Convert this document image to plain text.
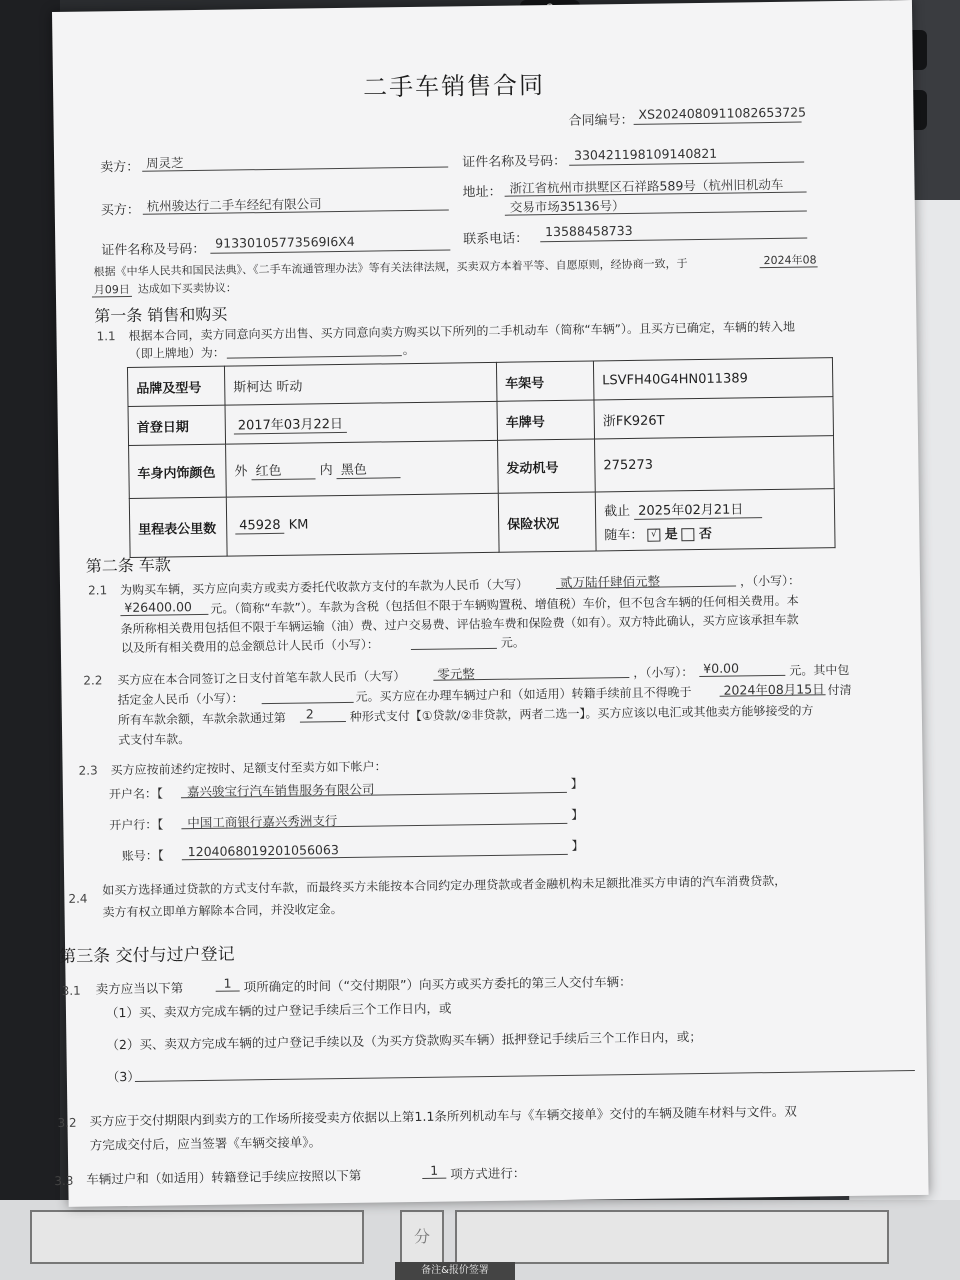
分
备注&报价签署
二手车销售合同
合同编号： XS2024080911082653725
卖方： 周灵芝	证件名称及号码： 330421198109140821
买方： 杭州骏达行二手车经纪有限公司
地址： 浙江省杭州市拱墅区石祥路589号（杭州旧机动车
交易市场35136号）
证件名称及号码： 91330105773569I6X4	联系电话：
13588458733
根据《中华人民共和国民法典》、《二手车流通管理办法》等有关法律法规，买卖双方本着平等、自愿原则，经协商一致，于	2024年08
月09日 达成如下买卖协议：
第一条 销售和购买
1.1 根据本合同，卖方同意向买方出售、买方同意向卖方购买以下所列的二手机动车（简称“车辆”）。且买方已确定，车辆的转入地
（即上牌地）为：	。
品牌及型号	斯柯达 昕动	车架号	LSVFH40G4HN011389
首登日期	2017年03月22日	车牌号	浙FK926T
车身内饰颜色	外 红色 内 黑色	发动机号	275273
里程表公里数	45928 KM	保险状况	截止 2025年02月21日
随车： √ 是 否
第二条 车款
2.1 为购买车辆，买方应向卖方或卖方委托代收款方支付的车款为人民币（大写）	贰万陆仟肆佰元整	，（小写）：
¥26400.00 元。（简称“车款”）。车款为含税（包括但不限于车辆购置税、增值税）车价，但不包含车辆的任何相关费用。本
条所称相关费用包括但不限于车辆运输（油）费、过户交易费、评估验车费和保险费（如有）。双方特此确认，买方应该承担车款
以及所有相关费用的总金额总计人民币（小写）：	元。
2.2 买方应在本合同签订之日支付首笔车款人民币（大写）	零元整	，（小写）： ¥0.00	元。其中包
括定金人民币（小写）：	元。买方应在办理车辆过户和（如适用）转籍手续前且不得晚于	2024年08月15日 付清
所有车款余额，车款余款通过第 2	种形式支付【①贷款/②非贷款，两者二选一】。买方应该以电汇或其他卖方能够接受的方
式支付车款。
2.3 买方应按前述约定按时、足额支付至卖方如下帐户：
开户名：【 嘉兴骏宝行汽车销售服务有限公司	】
开户行：【 中国工商银行嘉兴秀洲支行	】
账号：【 1204068019201056063	】
2.4
如买方选择通过贷款的方式支付车款，而最终买方未能按本合同约定办理贷款或者金融机构未足额批准买方申请的汽车消费贷款，
卖方有权立即单方解除本合同，并没收定金。
第三条 交付与过户登记
3.1 卖方应当以下第	1 项所确定的时间（“交付期限”）向买方或买方委托的第三人交付车辆：
（1）买、卖双方完成车辆的过户登记手续后三个工作日内，或
（2）买、卖双方完成车辆的过户登记手续以及（为买方贷款购买车辆）抵押登记手续后三个工作日内，或；
（3）
3.2 买方应于交付期限内到卖方的工作场所接受卖方依据以上第1.1条所列机动车与《车辆交接单》交付的车辆及随车材料与文件。双
方完成交付后，应当签署《车辆交接单》。
3.3 车辆过户和（如适用）转籍登记手续应按照以下第	1 项方式进行：
